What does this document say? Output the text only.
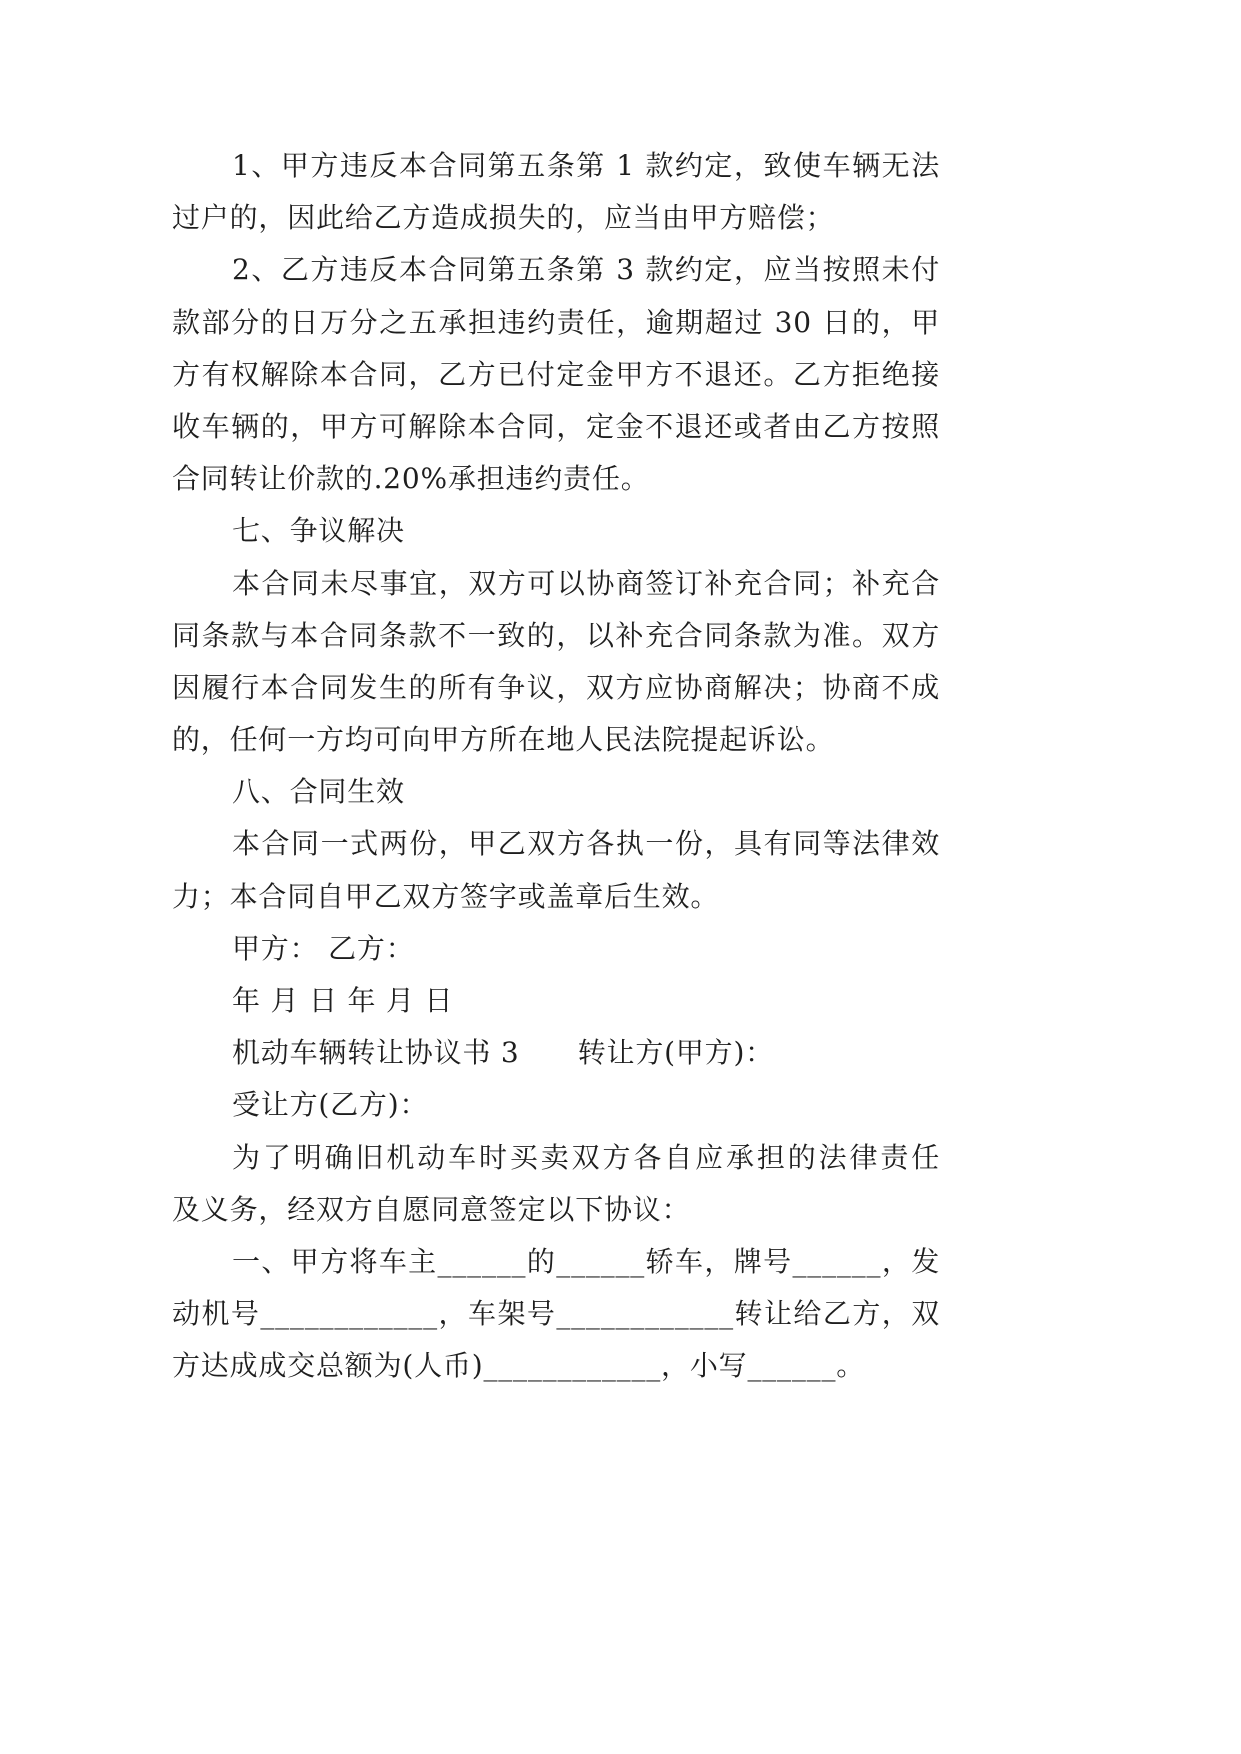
1、甲方违反本合同第五条第 1 款约定，致使车辆无法
过户的，因此给乙方造成损失的，应当由甲方赔偿；
2、乙方违反本合同第五条第 3 款约定，应当按照未付
款部分的日万分之五承担违约责任，逾期超过 30 日的，甲
方有权解除本合同，乙方已付定金甲方不退还。乙方拒绝接
收车辆的，甲方可解除本合同，定金不退还或者由乙方按照
合同转让价款的.20%承担违约责任。
七、争议解决
本合同未尽事宜，双方可以协商签订补充合同；补充合
同条款与本合同条款不一致的，以补充合同条款为准。双方
因履行本合同发生的所有争议，双方应协商解决；协商不成
的，任何一方均可向甲方所在地人民法院提起诉讼。
八、合同生效
本合同一式两份，甲乙双方各执一份，具有同等法律效
力；本合同自甲乙双方签字或盖章后生效。
甲方： 乙方：
年 月 日 年 月 日
机动车辆转让协议书 3      转让方(甲方)：
受让方(乙方)：
为了明确旧机动车时买卖双方各自应承担的法律责任
及义务，经双方自愿同意签定以下协议：
一、甲方将车主______的______轿车，牌号______，发
动机号____________，车架号____________转让给乙方，双
方达成成交总额为(人币)____________，小写______。
